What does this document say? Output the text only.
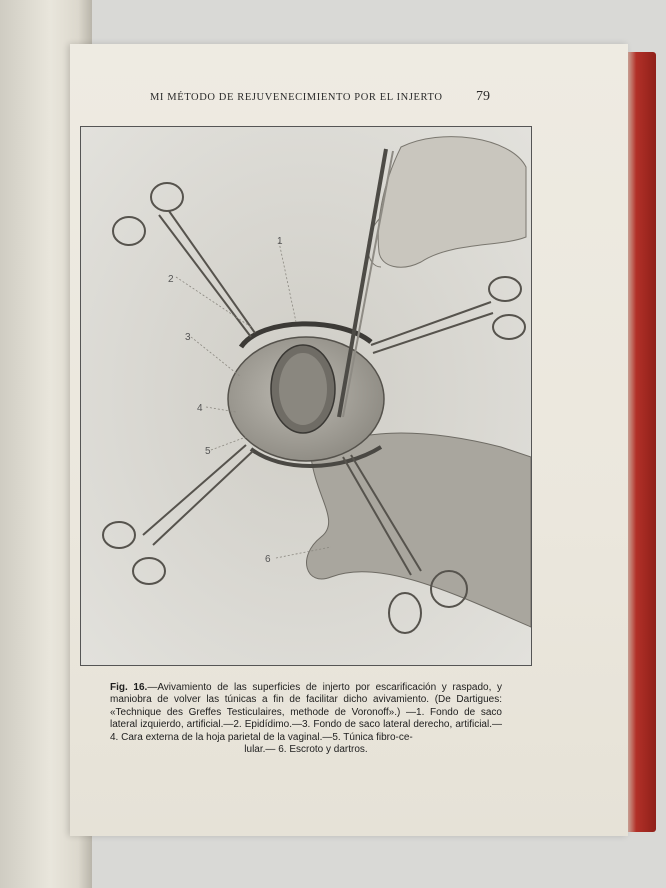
MI MÉTODO DE REJUVENECIMIENTO POR EL INJERTO	79
1
2
3
4
5
6
Fig. 16.—Avivamiento de las superficies de injerto por escarificación y raspado, y maniobra de volver las túnicas a fin de facilitar dicho avivamiento. (De Dartigues: «Technique des Greffes Testiculaires, methode de Voronoff».) —1. Fondo de saco lateral izquierdo, artificial.—2. Epidídimo.—3. Fondo de saco lateral derecho, artificial.—4. Cara externa de la hoja parietal de la vaginal.—5. Túnica fibro-ce-
lular.— 6. Escroto y dartros.
